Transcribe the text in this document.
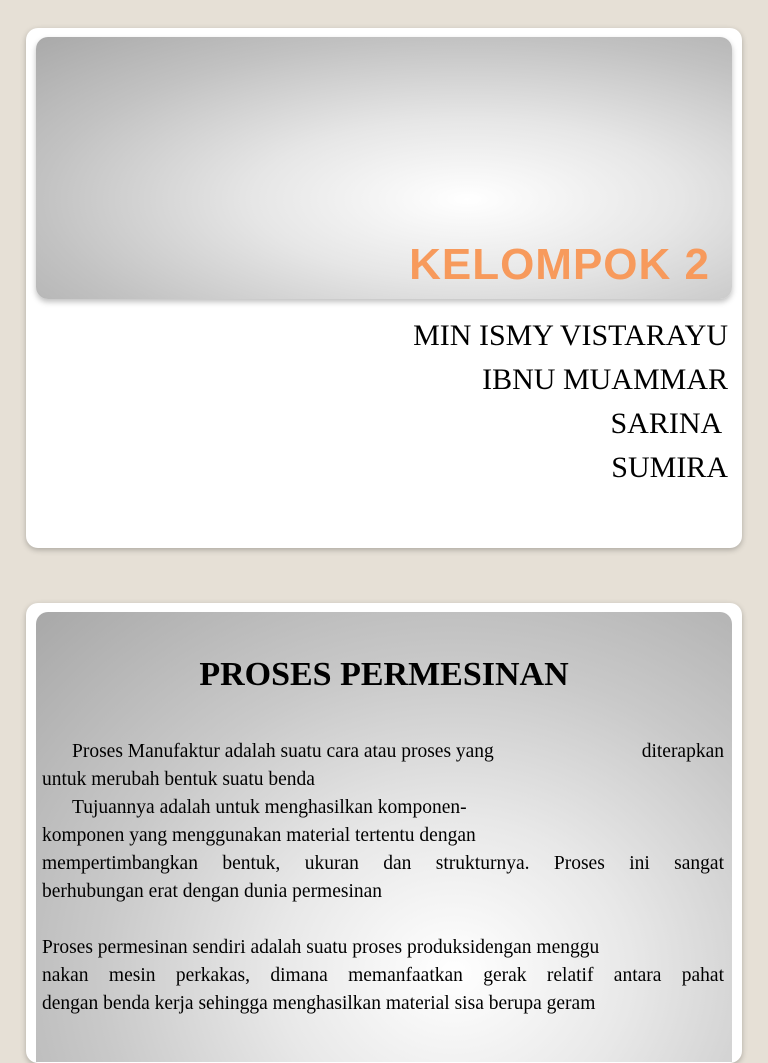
KELOMPOK 2
MIN ISMY VISTARAYU
IBNU MUAMMAR
SARINA
SUMIRA
PROSES PERMESINAN
Proses Manufaktur adalah suatu cara atau proses yang	diterapkan
untuk merubah bentuk suatu benda
Tujuannya adalah untuk menghasilkan komponen-
komponen yang menggunakan material tertentu dengan
mempertimbangkan bentuk, ukuran dan strukturnya. Proses ini sangat
berhubungan erat dengan dunia permesinan
Proses permesinan sendiri adalah suatu proses produksidengan menggu
nakan mesin perkakas, dimana memanfaatkan gerak relatif antara pahat
dengan benda kerja sehingga menghasilkan material sisa berupa geram
